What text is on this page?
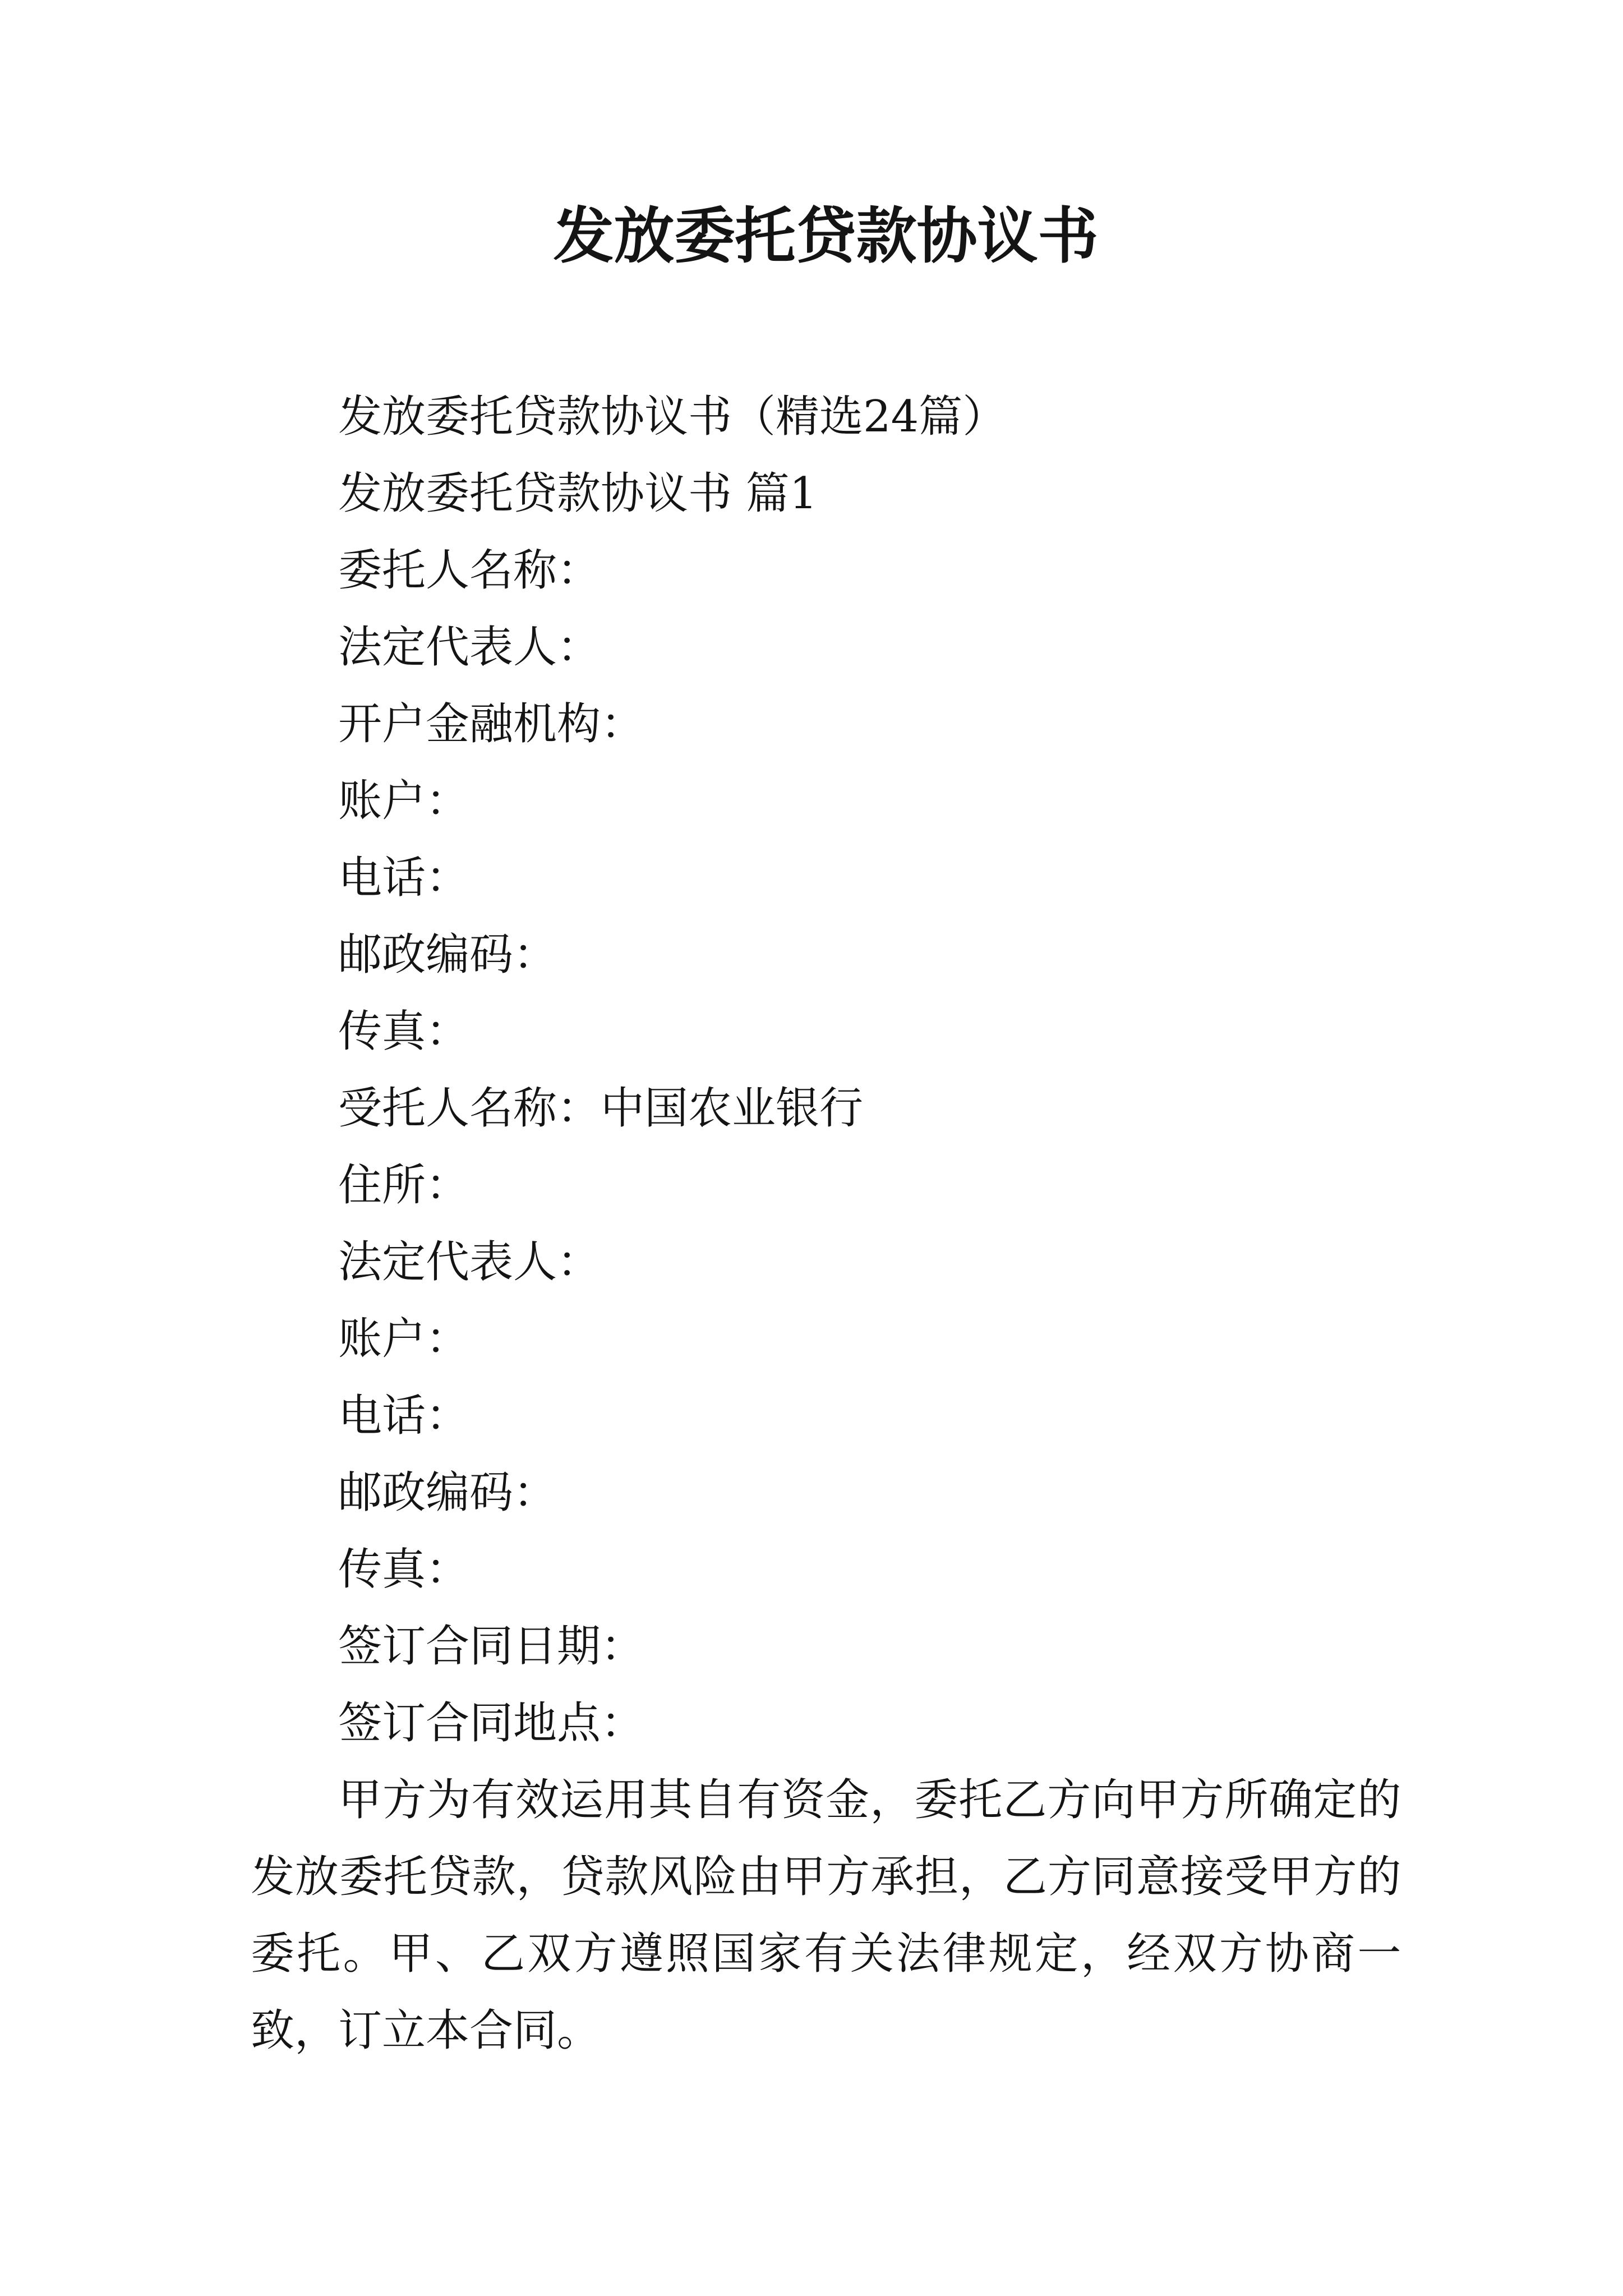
发放委托贷款协议书
发放委托贷款协议书（精选24篇）
发放委托贷款协议书 篇1
委托人名称：
法定代表人：
开户金融机构：
账户：
电话：
邮政编码：
传真：
受托人名称：中国农业银行
住所：
法定代表人：
账户：
电话：
邮政编码：
传真：
签订合同日期：
签订合同地点：

甲方为有效运用其自有资金，委托乙方向甲方所确定的发放委托贷款，贷款风险由甲方承担，乙方同意接受甲方的委托。甲、乙双方遵照国家有关法律规定，经双方协商一致，订立本合同。
